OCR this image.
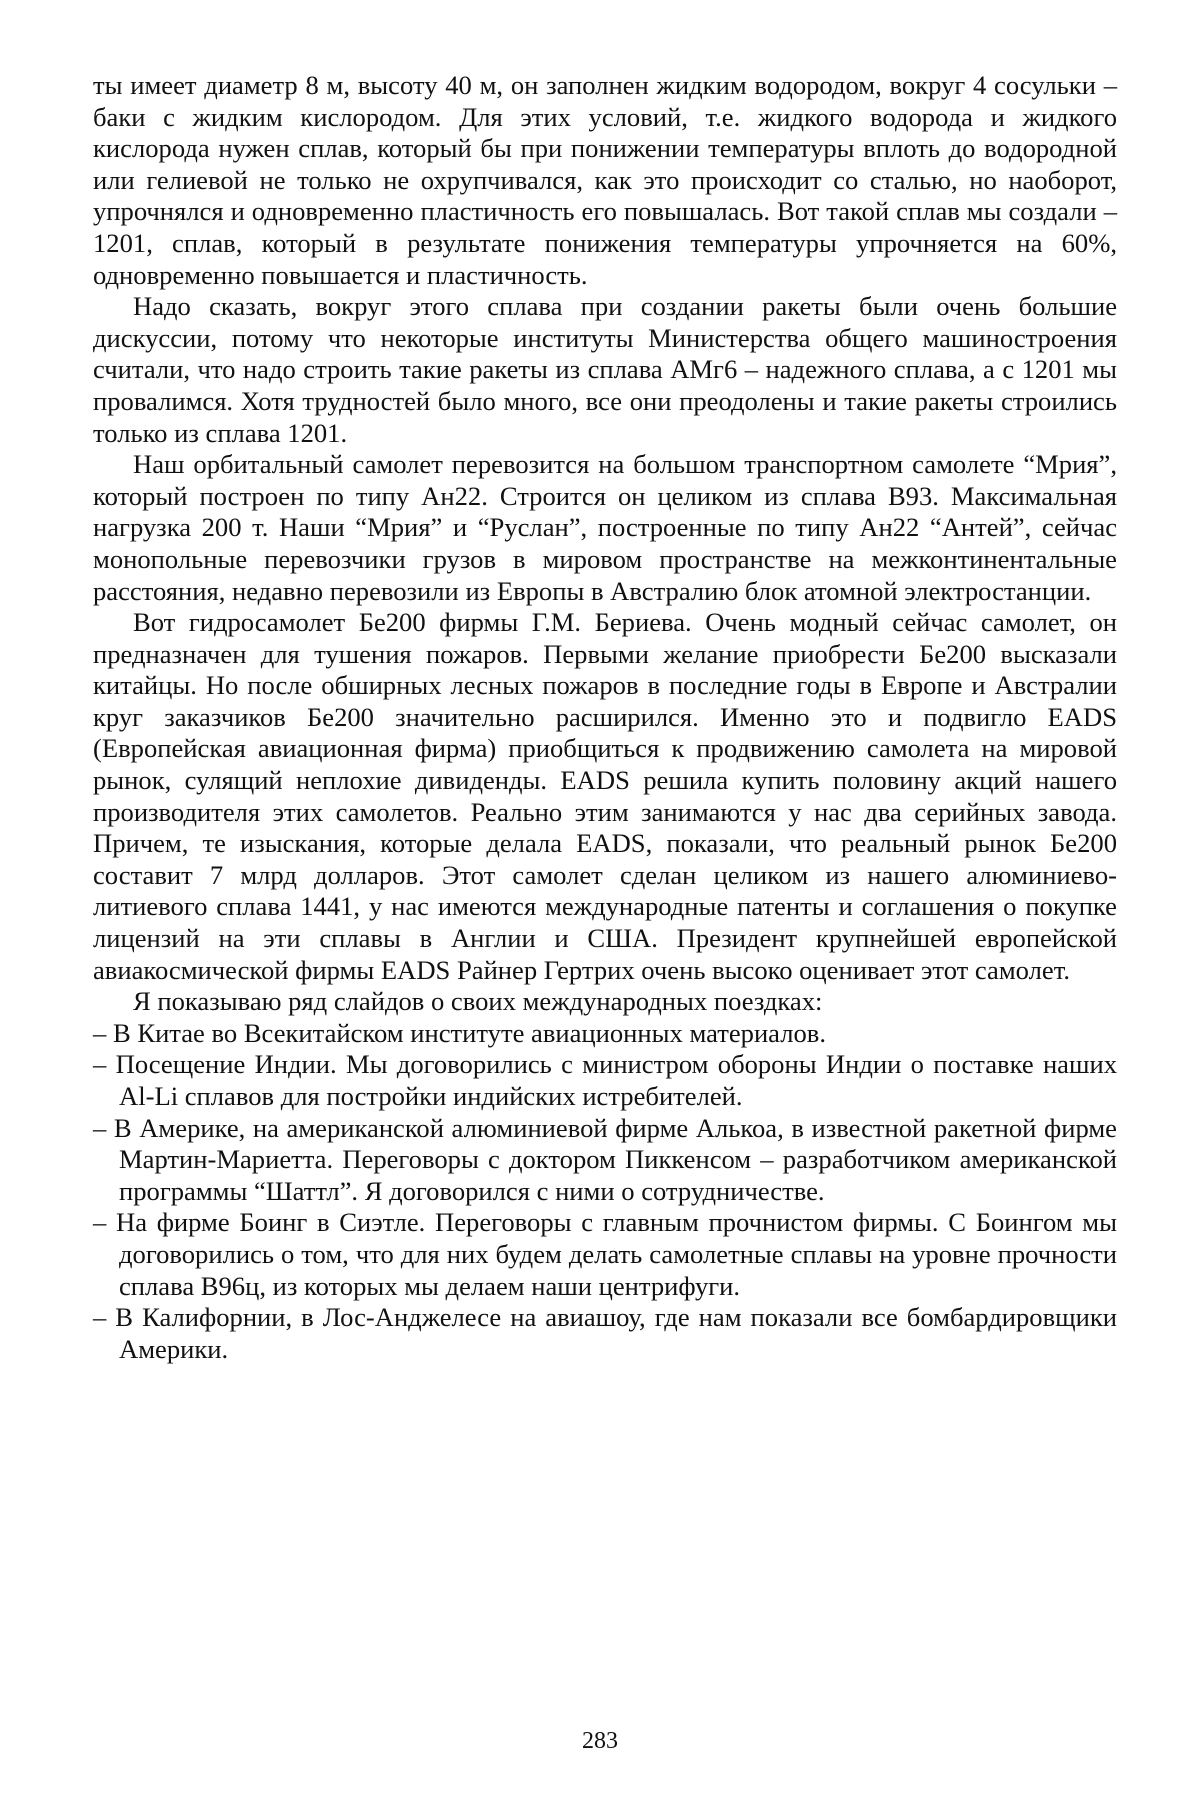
ты имеет диаметр 8 м, высоту 40 м, он заполнен жидким водородом, вокруг 4 сосульки – баки с жидким кислородом. Для этих условий, т.е. жидкого водорода и жидкого кислорода нужен сплав, который бы при понижении температуры вплоть до водородной или гелиевой не только не охрупчивался, как это происходит со сталью, но наоборот, упрочнялся и одновременно пластичность его повышалась. Вот такой сплав мы создали – 1201, сплав, который в результате понижения температуры упрочняется на 60%, одновременно повышается и пластичность.

Надо сказать, вокруг этого сплава при создании ракеты были очень большие дискуссии, потому что некоторые институты Министерства общего машиностроения считали, что надо строить такие ракеты из сплава АМг6 – надежного сплава, а с 1201 мы провалимся. Хотя трудностей было много, все они преодолены и такие ракеты строились только из сплава 1201.

Наш орбитальный самолет перевозится на большом транспортном самолете “Мрия”, который построен по типу Ан22. Строится он целиком из сплава В93. Максимальная нагрузка 200 т. Наши “Мрия” и “Руслан”, построенные по типу Ан22 “Антей”, сейчас монопольные перевозчики грузов в мировом пространстве на межконтинентальные расстояния, недавно перевозили из Европы в Австралию блок атомной электростанции.

Вот гидросамолет Бе200 фирмы Г.М. Бериева. Очень модный сейчас самолет, он предназначен для тушения пожаров. Первыми желание приобрести Бе200 высказали китайцы. Но после обширных лесных пожаров в последние годы в Европе и Австралии круг заказчиков Бе200 значительно расширился. Именно это и подвигло EADS (Европейская авиационная фирма) приобщиться к продвижению самолета на мировой рынок, сулящий неплохие дивиденды. EADS решила купить половину акций нашего производителя этих самолетов. Реально этим занимаются у нас два серийных завода. Причем, те изыскания, которые делала EADS, показали, что реальный рынок Бе200 составит 7 млрд долларов. Этот самолет сделан целиком из нашего алюминиево-литиевого сплава 1441, у нас имеются международные патенты и соглашения о покупке лицензий на эти сплавы в Англии и США. Президент крупнейшей европейской авиакосмической фирмы EADS Райнер Гертрих очень высоко оценивает этот самолет.

Я показываю ряд слайдов о своих международных поездках:

– В Китае во Всекитайском институте авиационных материалов.
– Посещение Индии. Мы договорились с министром обороны Индии о поставке наших Al-Li сплавов для постройки индийских истребителей.
– В Америке, на американской алюминиевой фирме Алькоа, в известной ракетной фирме Мартин-Мариетта. Переговоры с доктором Пиккенсом – разработчиком американской программы “Шаттл”. Я договорился с ними о сотрудничестве.
– На фирме Боинг в Сиэтле. Переговоры с главным прочнистом фирмы. С Боингом мы договорились о том, что для них будем делать самолетные сплавы на уровне прочности сплава В96ц, из которых мы делаем наши центрифуги.
– В Калифорнии, в Лос-Анджелесе на авиашоу, где нам показали все бомбардировщики Америки.
283
